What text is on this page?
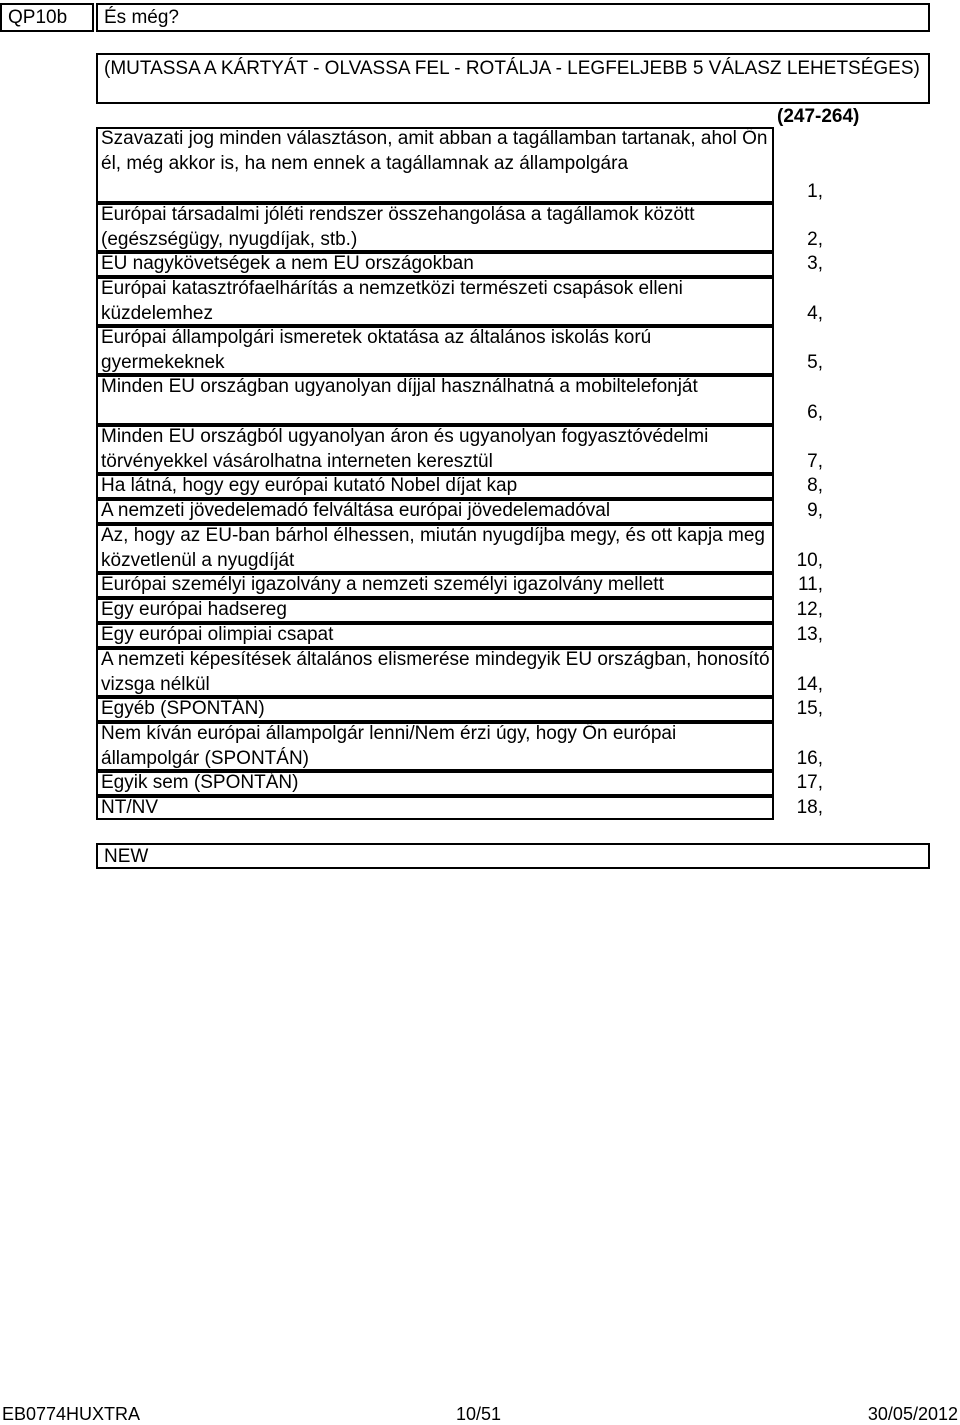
QP10b	És még?
(MUTASSA A KÁRTYÁT - OLVASSA FEL - ROTÁLJA - LEGFELJEBB 5 VÁLASZ LEHETSÉGES)
(247-264)
Szavazati jog minden választáson, amit abban a tagállamban tartanak, ahol Ön él, még akkor is, ha nem ennek a tagállamnak az állampolgára
1,
Európai társadalmi jóléti rendszer összehangolása a tagállamok között (egészségügy, nyugdíjak, stb.)	2,
EU nagykövetségek a nem EU országokban	3,
Európai katasztrófaelhárítás a nemzetközi természeti csapások elleni küzdelemhez	4,
Európai állampolgári ismeretek oktatása az általános iskolás korú gyermekeknek	5,
Minden EU országban ugyanolyan díjjal használhatná a mobiltelefonját
6,
Minden EU országból ugyanolyan áron és ugyanolyan fogyasztóvédelmi törvényekkel vásárolhatna interneten keresztül	7,
Ha látná, hogy egy európai kutató Nobel díjat kap	8,
A nemzeti jövedelemadó felváltása európai jövedelemadóval	9,
Az, hogy az EU-ban bárhol élhessen, miután nyugdíjba megy, és ott kapja meg közvetlenül a nyugdíját	10,
Európai személyi igazolvány a nemzeti személyi igazolvány mellett	11,
Egy európai hadsereg	12,
Egy európai olimpiai csapat	13,
A nemzeti képesítések általános elismerése mindegyik EU országban, honosító vizsga nélkül	14,
Egyéb (SPONTÁN)	15,
Nem kíván európai állampolgár lenni/Nem érzi úgy, hogy Ön európai állampolgár (SPONTÁN)	16,
Egyik sem (SPONTÁN)	17,
NT/NV	18,
NEW
EB0774HUXTRA	10/51	30/05/2012
